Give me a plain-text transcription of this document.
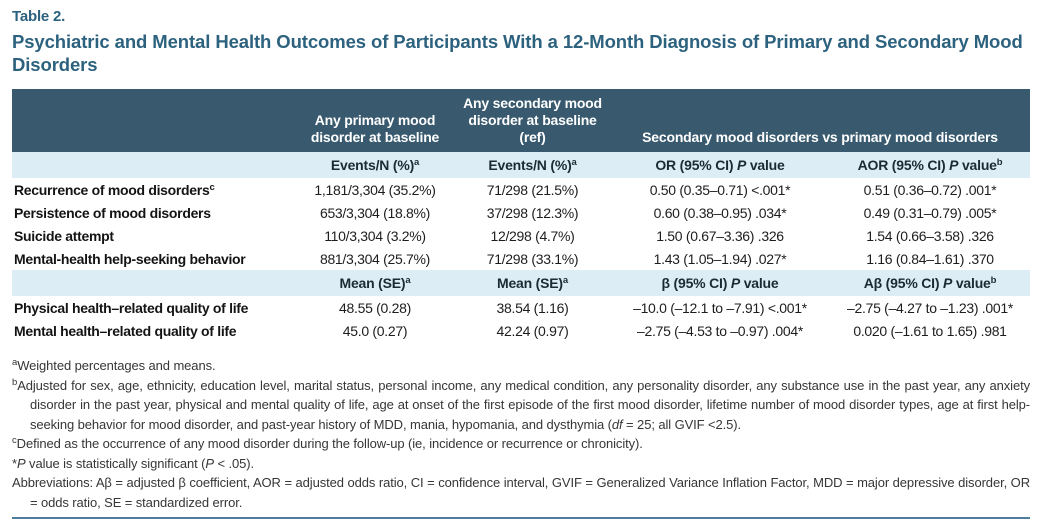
Table 2.
Psychiatric and Mental Health Outcomes of Participants With a 12-Month Diagnosis of Primary and Secondary Mood Disorders
	Any primary mood disorder at baseline	Any secondary mood disorder at baseline (ref)	Secondary mood disorders vs primary mood disorders	
	Events/N (%)$^a$	Events/N (%)$^a$	OR (95% CI) P value	AOR (95% CI) P value$^b$
Recurrence of mood disorders$^c$	1,181/3,304 (35.2%)	71/298 (21.5%)	0.50 (0.35–0.71) <.001*	0.51 (0.36–0.72) .001*
Persistence of mood disorders	653/3,304 (18.8%)	37/298 (12.3%)	0.60 (0.38–0.95) .034*	0.49 (0.31–0.79) .005*
Suicide attempt	110/3,304 (3.2%)	12/298 (4.7%)	1.50 (0.67–3.36) .326	1.54 (0.66–3.58) .326
Mental-health help-seeking behavior	881/3,304 (25.7%)	71/298 (33.1%)	1.43 (1.05–1.94) .027*	1.16 (0.84–1.61) .370
	Mean (SE)$^a$	Mean (SE)$^a$	β (95% CI) P value	Aβ (95% CI) P value$^b$
Physical health–related quality of life	48.55 (0.28)	38.54 (1.16)	–10.0 (–12.1 to –7.91) <.001*	–2.75 (–4.27 to –1.23) .001*
Mental health–related quality of life	45.0 (0.27)	42.24 (0.97)	–2.75 (–4.53 to –0.97) .004*	0.020 (–1.61 to 1.65) .981
$^a$Weighted percentages and means.
$^b$Adjusted for sex, age, ethnicity, education level, marital status, personal income, any medical condition, any personality disorder, any substance use in the past year, any anxiety disorder in the past year, physical and mental quality of life, age at onset of the first episode of the first mood disorder, lifetime number of mood disorder types, age at first help-seeking behavior for mood disorder, and past-year history of MDD, mania, hypomania, and dysthymia (df = 25; all GVIF <2.5).
$^c$Defined as the occurrence of any mood disorder during the follow-up (ie, incidence or recurrence or chronicity).
*P value is statistically significant (P < .05).
Abbreviations: Aβ = adjusted β coefficient, AOR = adjusted odds ratio, CI = confidence interval, GVIF = Generalized Variance Inflation Factor, MDD = major depressive disorder, OR = odds ratio, SE = standardized error.
